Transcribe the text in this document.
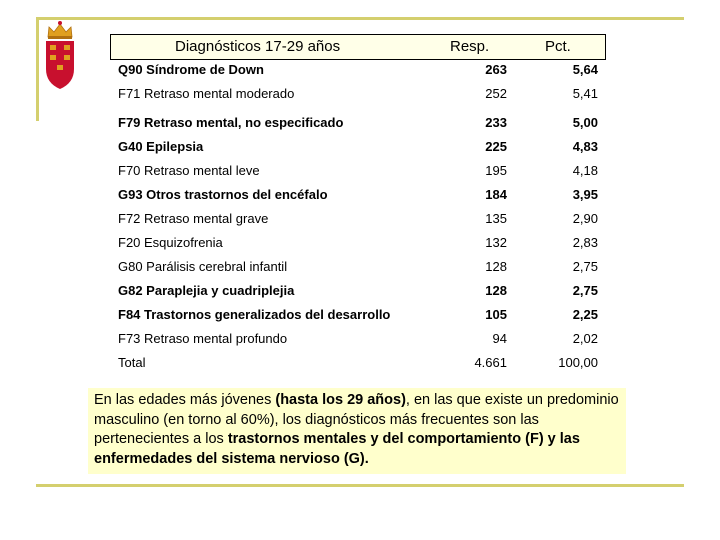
Diagnósticos 17-29 años	Resp.	Pct.
Q90 Síndrome de Down	263	5,64
F71 Retraso mental moderado	252	5,41
F79 Retraso mental, no especificado	233	5,00
G40 Epilepsia	225	4,83
F70 Retraso mental leve	195	4,18
G93 Otros trastornos del encéfalo	184	3,95
F72 Retraso mental grave	135	2,90
F20 Esquizofrenia	132	2,83
G80 Parálisis cerebral infantil	128	2,75
G82 Paraplejia y cuadriplejia	128	2,75
F84 Trastornos generalizados del desarrollo	105	2,25
F73 Retraso mental profundo	94	2,02
Total	4.661	100,00
En las edades más jóvenes (hasta los 29 años), en las que existe un predominio masculino (en torno al 60%), los diagnósticos más frecuentes son las pertenecientes a los trastornos mentales y del comportamiento (F) y las enfermedades del sistema nervioso (G).
